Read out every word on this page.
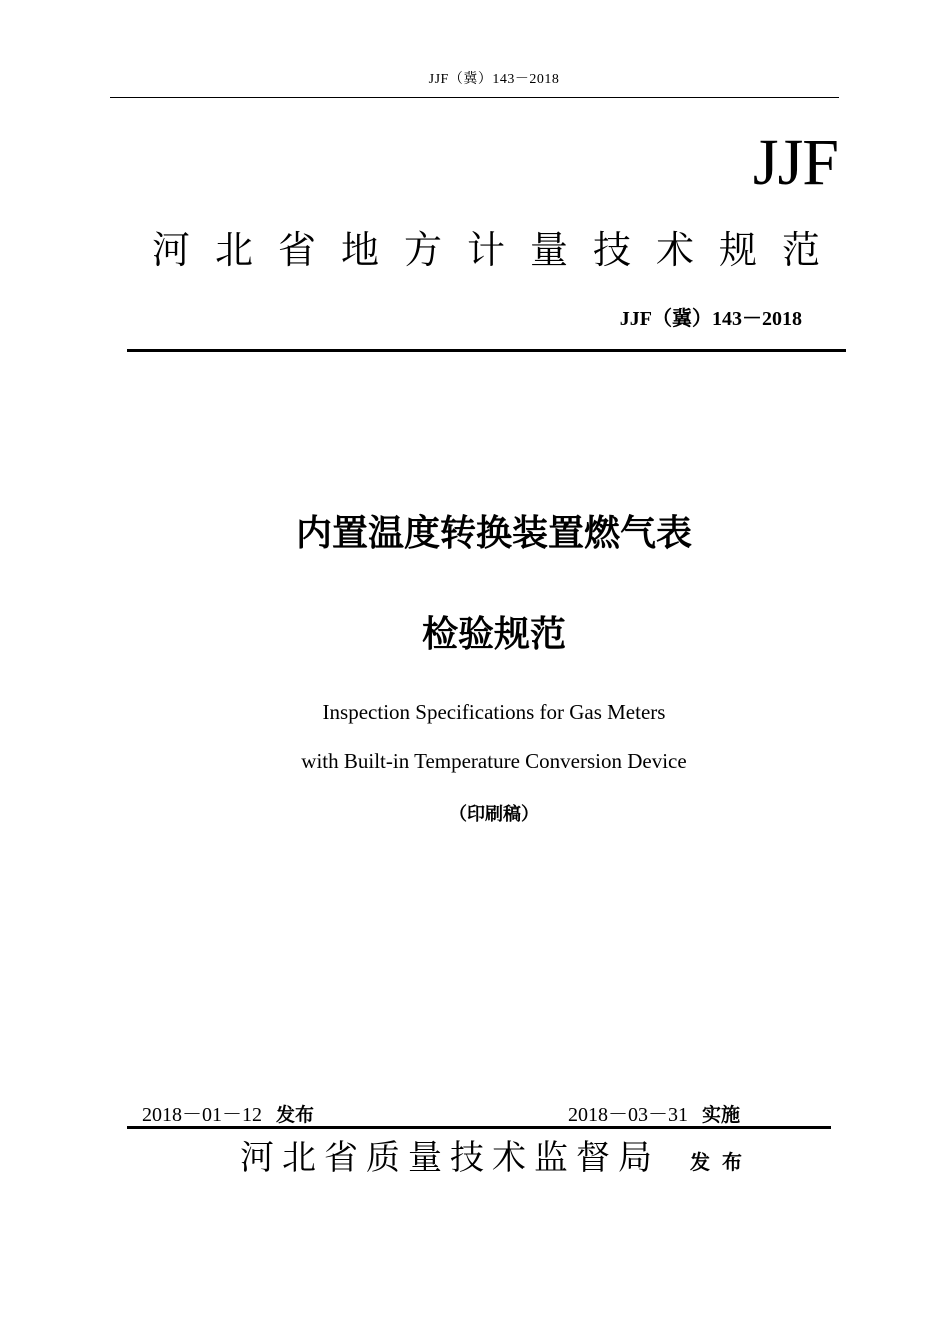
JJF（冀）143－2018
JJF
河北省地方计量技术规范
JJF（冀）143－2018
内置温度转换装置燃气表
检验规范
Inspection Specifications for Gas Meters
with Built-in Temperature Conversion Device
（印刷稿）
2018－01－12 发布	2018－03－31 实施
河北省质量技术监督局 发布
